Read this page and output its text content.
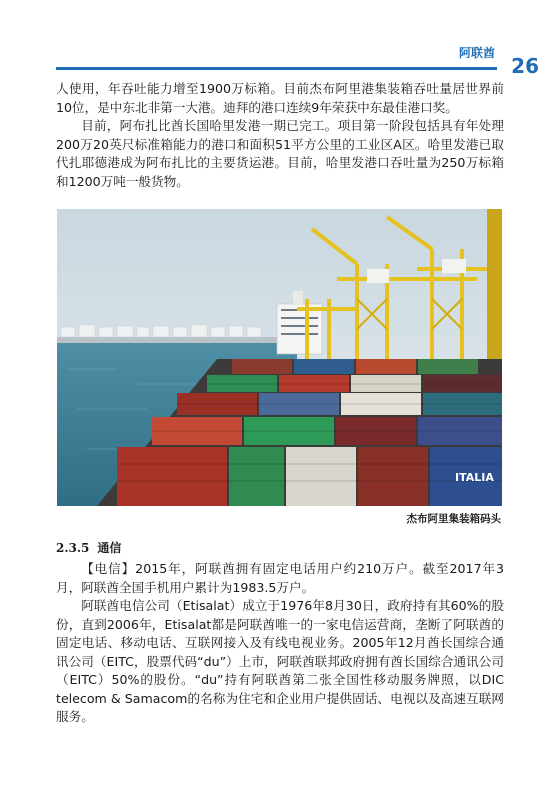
阿联酋
26

人使用，年吞吐能力增至1900万标箱。目前杰布阿里港集装箱吞吐量居世界前10位，是中东北非第一大港。迪拜的港口连续9年荣获中东最佳港口奖。

目前，阿布扎比酋长国哈里发港一期已完工。项目第一阶段包括具有年处理200万20英尺标准箱能力的港口和面积51平方公里的工业区A区。哈里发港已取代扎耶德港成为阿布扎比的主要货运港。目前，哈里发港口吞吐量为250万标箱和1200万吨一般货物。

ITALIA
杰布阿里集装箱码头
2.3.5 通信

【电信】2015年，阿联酋拥有固定电话用户约210万户。截至2017年3月，阿联酋全国手机用户累计为1983.5万户。

阿联酋电信公司（Etisalat）成立于1976年8月30日，政府持有其60%的股份，直到2006年，Etisalat都是阿联酋唯一的一家电信运营商，垄断了阿联酋的固定电话、移动电话、互联网接入及有线电视业务。2005年12月酋长国综合通讯公司（EITC，股票代码“du”）上市，阿联酋联邦政府拥有酋长国综合通讯公司（EITC）50%的股份。“du”持有阿联酋第二张全国性移动服务牌照，以DIC telecom & Samacom的名称为住宅和企业用户提供固话、电视以及高速互联网服务。
